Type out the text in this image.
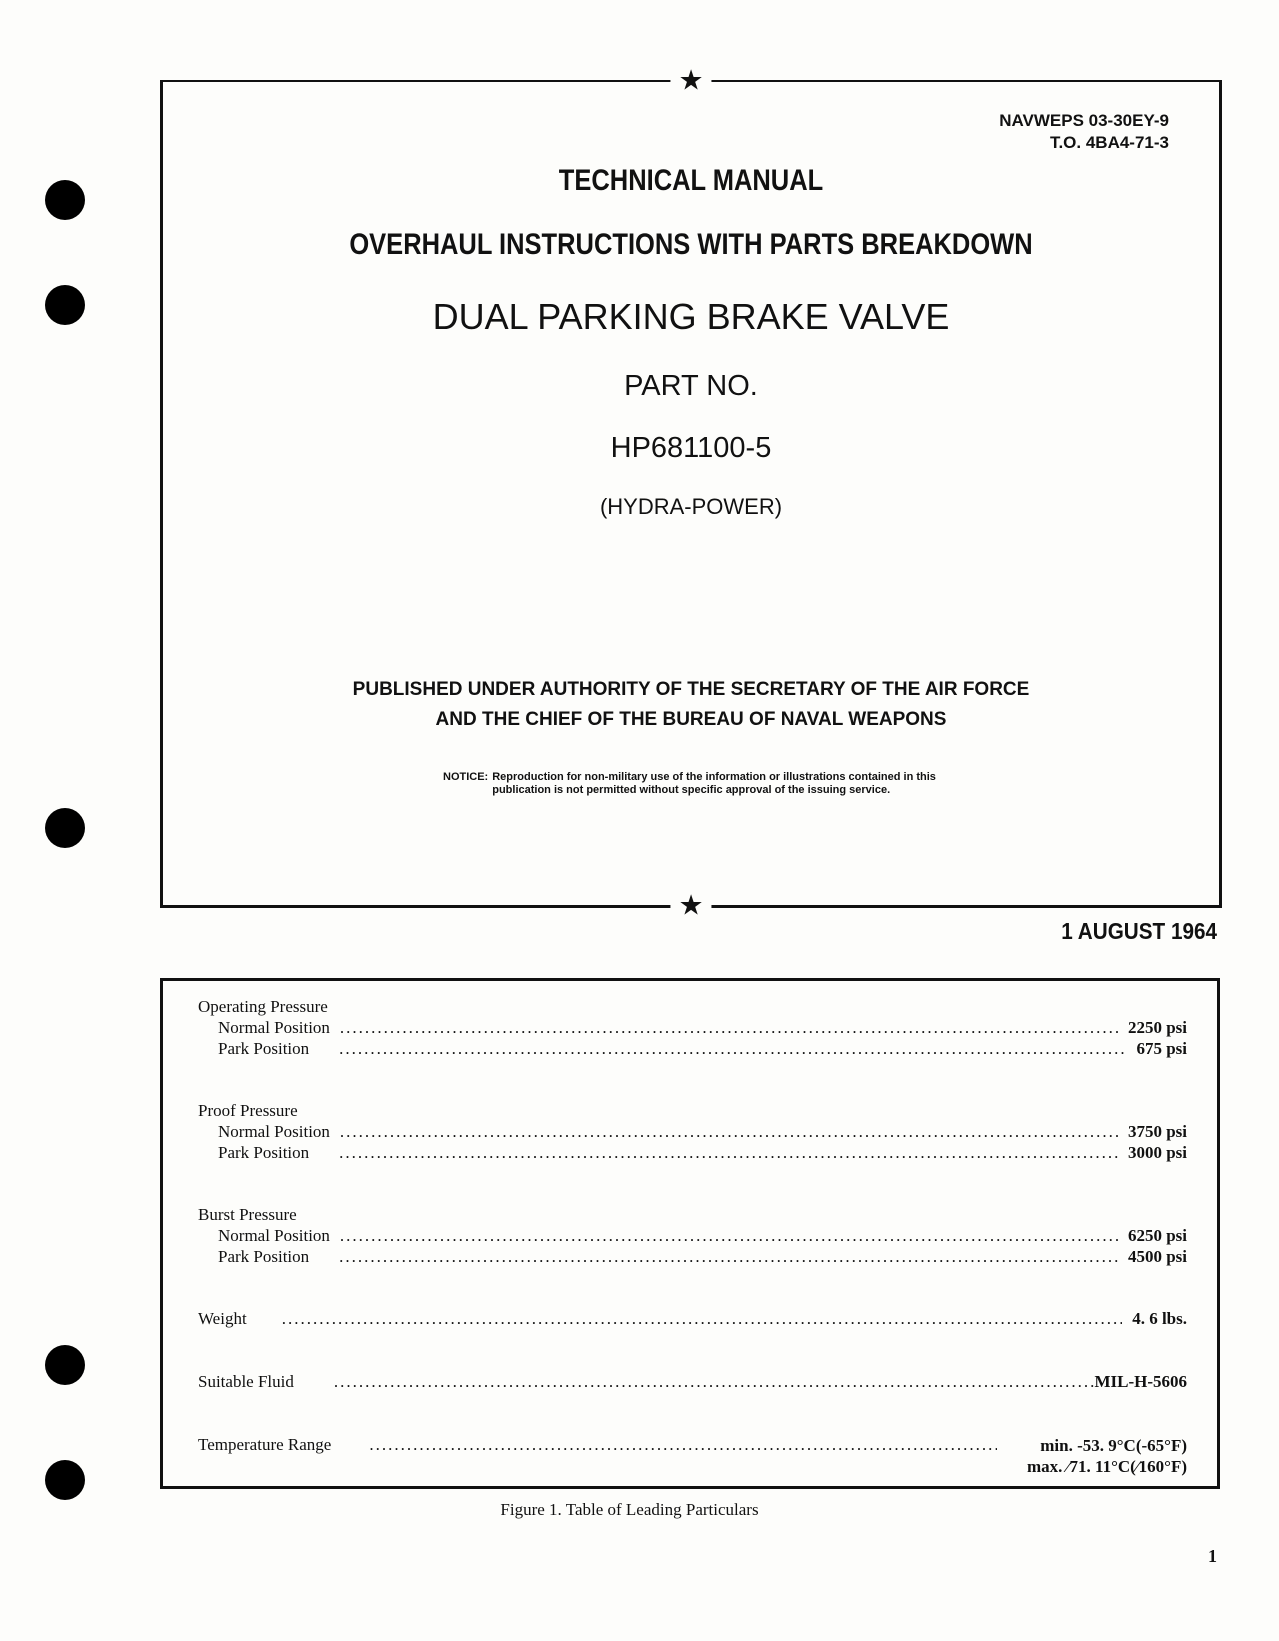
★
★
NAVWEPS 03-30EY-9
T.O. 4BA4-71-3
TECHNICAL MANUAL
OVERHAUL INSTRUCTIONS WITH PARTS BREAKDOWN
DUAL PARKING BRAKE VALVE
PART NO.
HP681100-5
(HYDRA-POWER)
PUBLISHED UNDER AUTHORITY OF THE SECRETARY OF THE AIR FORCE
AND THE CHIEF OF THE BUREAU OF NAVAL WEAPONS
NOTICE: Reproduction for non-military use of the information or illustrations contained in this publication is not permitted without specific approval of the issuing service.
1 AUGUST 1964
Operating Pressure
Normal Position .....	2250 psi
Park Position .....	675 psi
Proof Pressure
Normal Position .....	3750 psi
Park Position .....	3000 psi
Burst Pressure
Normal Position .....	6250 psi
Park Position .....	4500 psi
Weight .....	4. 6 lbs.
Suitable Fluid .....	MIL-H-5606
Temperature Range .....	min. -53. 9°C(-65°F)
max. ⁄71. 11°C(⁄160°F)
Figure 1. Table of Leading Particulars
1
